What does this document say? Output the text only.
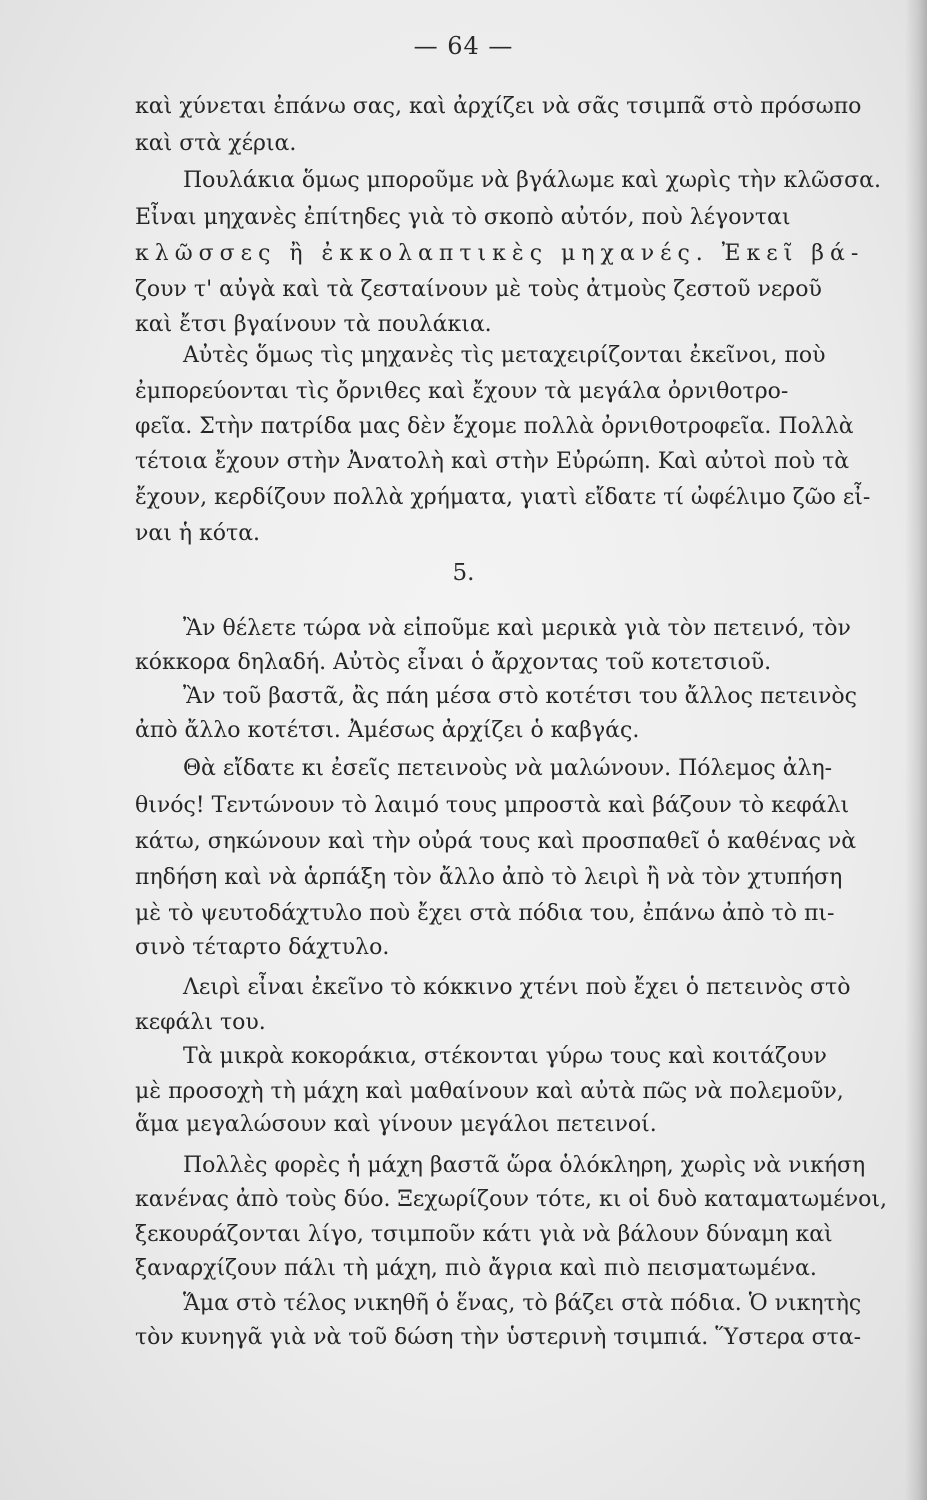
— 64 —
καὶ χύνεται ἐπάνω σας, καὶ ἀρχίζει νὰ σᾶς τσιμπᾶ στὸ πρόσωπο
καὶ στὰ χέρια.
Πουλάκια ὅμως μποροῦμε νὰ βγάλωμε καὶ χωρὶς τὴν κλῶσσα.
Εἶναι μηχανὲς ἐπίτηδες γιὰ τὸ σκοπὸ αὐτόν, ποὺ λέγονται
κλῶσσες ἢ ἐκκολαπτικὲς μηχανές. Ἐκεῖ βά-
ζουν τ' αὐγὰ καὶ τὰ ζεσταίνουν μὲ τοὺς ἀτμοὺς ζεστοῦ νεροῦ
καὶ ἔτσι βγαίνουν τὰ πουλάκια.
Αὐτὲς ὅμως τὶς μηχανὲς τὶς μεταχειρίζονται ἐκεῖνοι, ποὺ
ἐμπορεύονται τὶς ὄρνιθες καὶ ἔχουν τὰ μεγάλα ὀρνιθοτρο-
φεῖα. Στὴν πατρίδα μας δὲν ἔχομε πολλὰ ὀρνιθοτροφεῖα. Πολλὰ
τέτοια ἔχουν στὴν Ἀνατολὴ καὶ στὴν Εὐρώπη. Καὶ αὐτοὶ ποὺ τὰ
ἔχουν, κερδίζουν πολλὰ χρήματα, γιατὶ εἴδατε τί ὠφέλιμο ζῶο εἶ-
ναι ἡ κότα.
5.
Ἂν θέλετε τώρα νὰ εἰποῦμε καὶ μερικὰ γιὰ τὸν πετεινό, τὸν
κόκκορα δηλαδή. Αὐτὸς εἶναι ὁ ἄρχοντας τοῦ κοτετσιοῦ.
Ἂν τοῦ βαστᾶ, ἂς πάη μέσα στὸ κοτέτσι του ἄλλος πετεινὸς
ἀπὸ ἄλλο κοτέτσι. Ἀμέσως ἀρχίζει ὁ καβγάς.
Θὰ εἴδατε κι ἐσεῖς πετεινοὺς νὰ μαλώνουν. Πόλεμος ἀλη-
θινός! Τεντώνουν τὸ λαιμό τους μπροστὰ καὶ βάζουν τὸ κεφάλι
κάτω, σηκώνουν καὶ τὴν οὐρά τους καὶ προσπαθεῖ ὁ καθένας νὰ
πηδήση καὶ νὰ ἁρπάξη τὸν ἄλλο ἀπὸ τὸ λειρὶ ἢ νὰ τὸν χτυπήση
μὲ τὸ ψευτοδάχτυλο ποὺ ἔχει στὰ πόδια του, ἐπάνω ἀπὸ τὸ πι-
σινὸ τέταρτο δάχτυλο.
Λειρὶ εἶναι ἐκεῖνο τὸ κόκκινο χτένι ποὺ ἔχει ὁ πετεινὸς στὸ
κεφάλι του.
Τὰ μικρὰ κοκοράκια, στέκονται γύρω τους καὶ κοιτάζουν
μὲ προσοχὴ τὴ μάχη καὶ μαθαίνουν καὶ αὐτὰ πῶς νὰ πολεμοῦν,
ἅμα μεγαλώσουν καὶ γίνουν μεγάλοι πετεινοί.
Πολλὲς φορὲς ἡ μάχη βαστᾶ ὥρα ὁλόκληρη, χωρὶς νὰ νικήση
κανένας ἀπὸ τοὺς δύο. Ξεχωρίζουν τότε, κι οἱ δυὸ καταματωμένοι,
ξεκουράζονται λίγο, τσιμποῦν κάτι γιὰ νὰ βάλουν δύναμη καὶ
ξαναρχίζουν πάλι τὴ μάχη, πιὸ ἄγρια καὶ πιὸ πεισματωμένα.
Ἅμα στὸ τέλος νικηθῆ ὁ ἕνας, τὸ βάζει στὰ πόδια. Ὁ νικητὴς
τὸν κυνηγᾶ γιὰ νὰ τοῦ δώση τὴν ὑστερινὴ τσιμπιά. Ὕστερα στα-
